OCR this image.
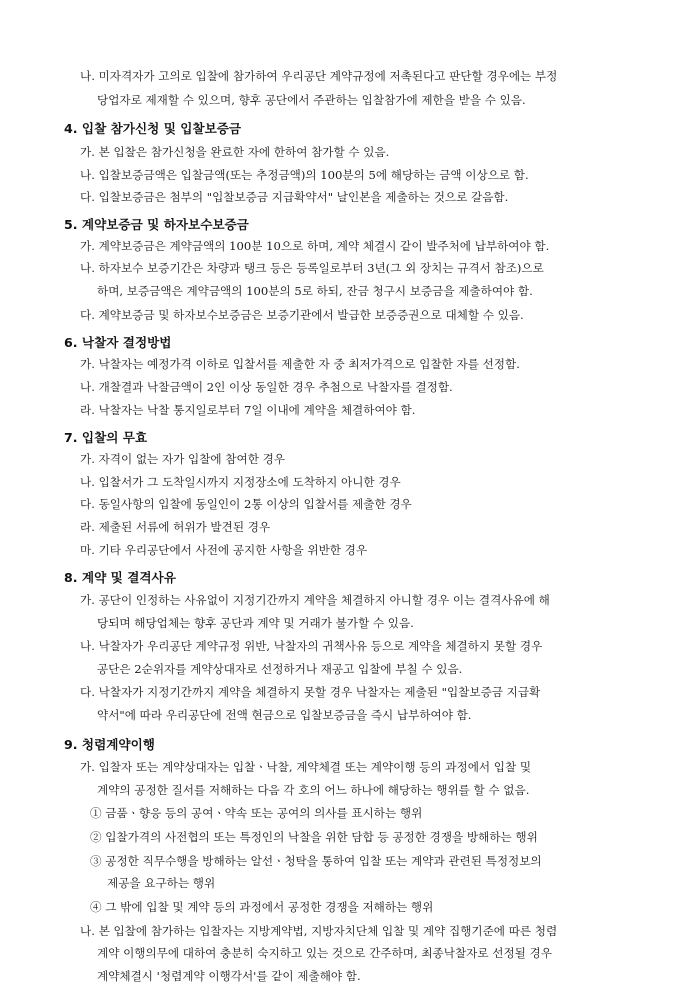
나. 미자격자가 고의로 입찰에 참가하여 우리공단 계약규정에 저촉된다고 판단할 경우에는 부정
당업자로 제재할 수 있으며, 향후 공단에서 주관하는 입찰참가에 제한을 받을 수 있음.
4. 입찰 참가신청 및 입찰보증금
가. 본 입찰은 참가신청을 완료한 자에 한하여 참가할 수 있음.
나. 입찰보증금액은 입찰금액(또는 추정금액)의 100분의 5에 해당하는 금액 이상으로 함.
다. 입찰보증금은 첨부의 "입찰보증금 지급확약서" 날인본을 제출하는 것으로 갈음함.
5. 계약보증금 및 하자보수보증금
가. 계약보증금은 계약금액의 100분 10으로 하며, 계약 체결시 같이 발주처에 납부하여야 함.
나. 하자보수 보증기간은 차량과 탱크 등은 등록일로부터 3년(그 외 장치는 규격서 참조)으로
하며, 보증금액은 계약금액의 100분의 5로 하되, 잔금 청구시 보증금을 제출하여야 함.
다. 계약보증금 및 하자보수보증금은 보증기관에서 발급한 보증증권으로 대체할 수 있음.
6. 낙찰자 결정방법
가. 낙찰자는 예정가격 이하로 입찰서를 제출한 자 중 최저가격으로 입찰한 자를 선정함.
나. 개찰결과 낙찰금액이 2인 이상 동일한 경우 추첨으로 낙찰자를 결정함.
라. 낙찰자는 낙찰 통지일로부터 7일 이내에 계약을 체결하여야 함.
7. 입찰의 무효
가. 자격이 없는 자가 입찰에 참여한 경우
나. 입찰서가 그 도착일시까지 지정장소에 도착하지 아니한 경우
다. 동일사항의 입찰에 동일인이 2통 이상의 입찰서를 제출한 경우
라. 제출된 서류에 허위가 발견된 경우
마. 기타 우리공단에서 사전에 공지한 사항을 위반한 경우
8. 계약 및 결격사유
가. 공단이 인정하는 사유없이 지정기간까지 계약을 체결하지 아니할 경우 이는 결격사유에 해
당되며 해당업체는 향후 공단과 계약 및 거래가 불가할 수 있음.
나. 낙찰자가 우리공단 계약규정 위반, 낙찰자의 귀책사유 등으로 계약을 체결하지 못할 경우
공단은 2순위자를 계약상대자로 선정하거나 재공고 입찰에 부칠 수 있음.
다. 낙찰자가 지정기간까지 계약을 체결하지 못할 경우 낙찰자는 제출된 "입찰보증금 지급확
약서"에 따라 우리공단에 전액 현금으로 입찰보증금을 즉시 납부하여야 함.
9. 청렴계약이행
가. 입찰자 또는 계약상대자는 입찰ㆍ낙찰, 계약체결 또는 계약이행 등의 과정에서 입찰 및
계약의 공정한 질서를 저해하는 다음 각 호의 어느 하나에 해당하는 행위를 할 수 없음.
① 금품ㆍ향응 등의 공여ㆍ약속 또는 공여의 의사를 표시하는 행위
② 입찰가격의 사전협의 또는 특정인의 낙찰을 위한 담합 등 공정한 경쟁을 방해하는 행위
③ 공정한 직무수행을 방해하는 알선ㆍ청탁을 통하여 입찰 또는 계약과 관련된 특정정보의
제공을 요구하는 행위
④ 그 밖에 입찰 및 계약 등의 과정에서 공정한 경쟁을 저해하는 행위
나. 본 입찰에 참가하는 입찰자는 지방계약법, 지방자치단체 입찰 및 계약 집행기준에 따른 청렴
계약 이행의무에 대하여 충분히 숙지하고 있는 것으로 간주하며, 최종낙찰자로 선정될 경우
계약체결시 '청렴계약 이행각서'를 같이 제출해야 함.
